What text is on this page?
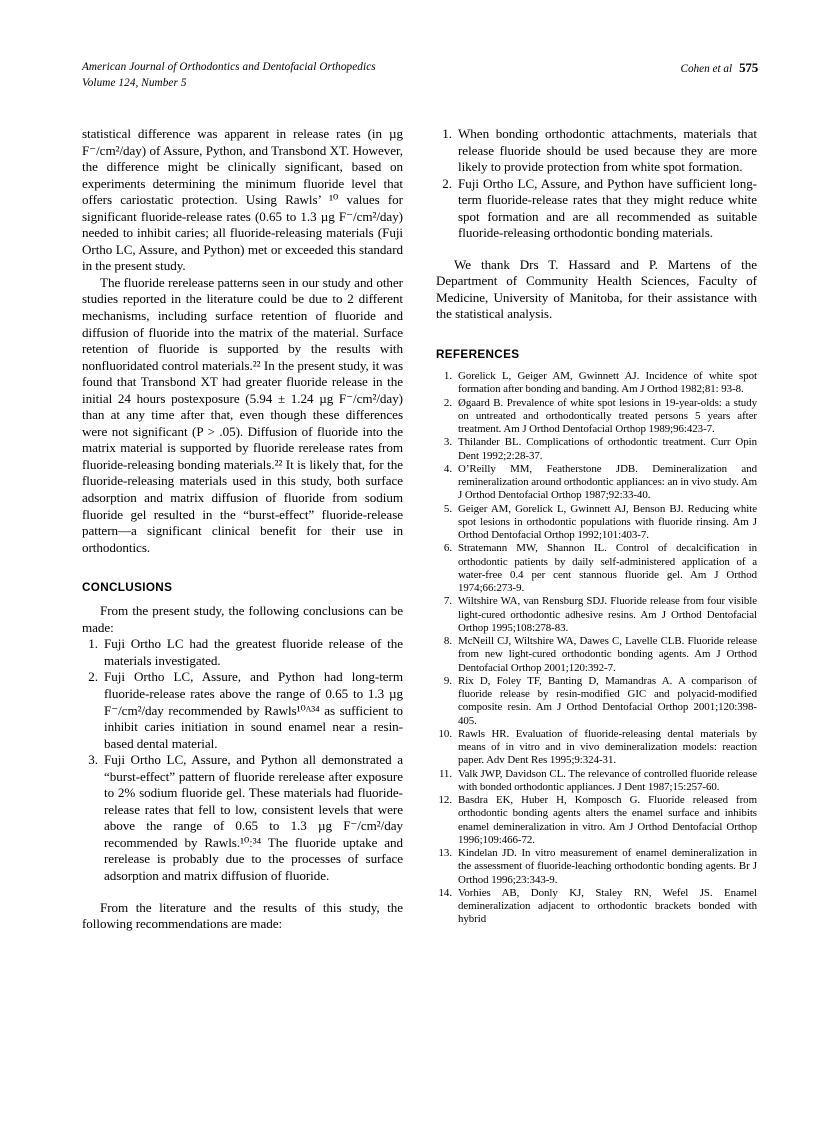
American Journal of Orthodontics and Dentofacial Orthopedics
Volume 124, Number 5
Cohen et al 575

statistical difference was apparent in release rates (in µg F⁻/cm²/day) of Assure, Python, and Transbond XT. However, the difference might be clinically significant, based on experiments determining the minimum fluoride level that offers cariostatic protection. Using Rawls’ ¹⁰ values for significant fluoride-release rates (0.65 to 1.3 µg F⁻/cm²/day) needed to inhibit caries; all fluoride-releasing materials (Fuji Ortho LC, Assure, and Python) met or exceeded this standard in the present study.

The fluoride rerelease patterns seen in our study and other studies reported in the literature could be due to 2 different mechanisms, including surface retention of fluoride and diffusion of fluoride into the matrix of the material. Surface retention of fluoride is supported by the results with nonfluoridated control materials.²² In the present study, it was found that Transbond XT had greater fluoride release in the initial 24 hours postexposure (5.94 ± 1.24 µg F⁻/cm²/day) than at any time after that, even though these differences were not significant (P > .05). Diffusion of fluoride into the matrix material is supported by fluoride rerelease rates from fluoride-releasing bonding materials.²² It is likely that, for the fluoride-releasing materials used in this study, both surface adsorption and matrix diffusion of fluoride from sodium fluoride gel resulted in the “burst-effect” fluoride-release pattern—a significant clinical benefit for their use in orthodontics.

CONCLUSIONS

From the present study, the following conclusions can be made:

1. Fuji Ortho LC had the greatest fluoride release of the materials investigated.
2. Fuji Ortho LC, Assure, and Python had long-term fluoride-release rates above the range of 0.65 to 1.3 µg F⁻/cm²/day recommended by Rawls¹⁰ᴬ³⁴ as sufficient to inhibit caries initiation in sound enamel near a resin-based dental material.
3. Fuji Ortho LC, Assure, and Python all demonstrated a “burst-effect” pattern of fluoride rerelease after exposure to 2% sodium fluoride gel. These materials had fluoride-release rates that fell to low, consistent levels that were above the range of 0.65 to 1.3 µg F⁻/cm²/day recommended by Rawls.¹⁰ː³⁴ The fluoride uptake and rerelease is probably due to the processes of surface adsorption and matrix diffusion of fluoride.

From the literature and the results of this study, the following recommendations are made:

1. When bonding orthodontic attachments, materials that release fluoride should be used because they are more likely to provide protection from white spot formation.
2. Fuji Ortho LC, Assure, and Python have sufficient long-term fluoride-release rates that they might reduce white spot formation and are all recommended as suitable fluoride-releasing orthodontic bonding materials.

We thank Drs T. Hassard and P. Martens of the Department of Community Health Sciences, Faculty of Medicine, University of Manitoba, for their assistance with the statistical analysis.

REFERENCES

1. Gorelick L, Geiger AM, Gwinnett AJ. Incidence of white spot formation after bonding and banding. Am J Orthod 1982;81: 93-8.
2. Øgaard B. Prevalence of white spot lesions in 19-year-olds: a study on untreated and orthodontically treated persons 5 years after treatment. Am J Orthod Dentofacial Orthop 1989;96:423-7.
3. Thilander BL. Complications of orthodontic treatment. Curr Opin Dent 1992;2:28-37.
4. O’Reilly MM, Featherstone JDB. Demineralization and remineralization around orthodontic appliances: an in vivo study. Am J Orthod Dentofacial Orthop 1987;92:33-40.
5. Geiger AM, Gorelick L, Gwinnett AJ, Benson BJ. Reducing white spot lesions in orthodontic populations with fluoride rinsing. Am J Orthod Dentofacial Orthop 1992;101:403-7.
6. Stratemann MW, Shannon IL. Control of decalcification in orthodontic patients by daily self-administered application of a water-free 0.4 per cent stannous fluoride gel. Am J Orthod 1974;66:273-9.
7. Wiltshire WA, van Rensburg SDJ. Fluoride release from four visible light-cured orthodontic adhesive resins. Am J Orthod Dentofacial Orthop 1995;108:278-83.
8. McNeill CJ, Wiltshire WA, Dawes C, Lavelle CLB. Fluoride release from new light-cured orthodontic bonding agents. Am J Orthod Dentofacial Orthop 2001;120:392-7.
9. Rix D, Foley TF, Banting D, Mamandras A. A comparison of fluoride release by resin-modified GIC and polyacid-modified composite resin. Am J Orthod Dentofacial Orthop 2001;120:398-405.
10. Rawls HR. Evaluation of fluoride-releasing dental materials by means of in vitro and in vivo demineralization models: reaction paper. Adv Dent Res 1995;9:324-31.
11. Valk JWP, Davidson CL. The relevance of controlled fluoride release with bonded orthodontic appliances. J Dent 1987;15:257-60.
12. Basdra EK, Huber H, Komposch G. Fluoride released from orthodontic bonding agents alters the enamel surface and inhibits enamel demineralization in vitro. Am J Orthod Dentofacial Orthop 1996;109:466-72.
13. Kindelan JD. In vitro measurement of enamel demineralization in the assessment of fluoride-leaching orthodontic bonding agents. Br J Orthod 1996;23:343-9.
14. Vorhies AB, Donly KJ, Staley RN, Wefel JS. Enamel demineralization adjacent to orthodontic brackets bonded with hybrid
